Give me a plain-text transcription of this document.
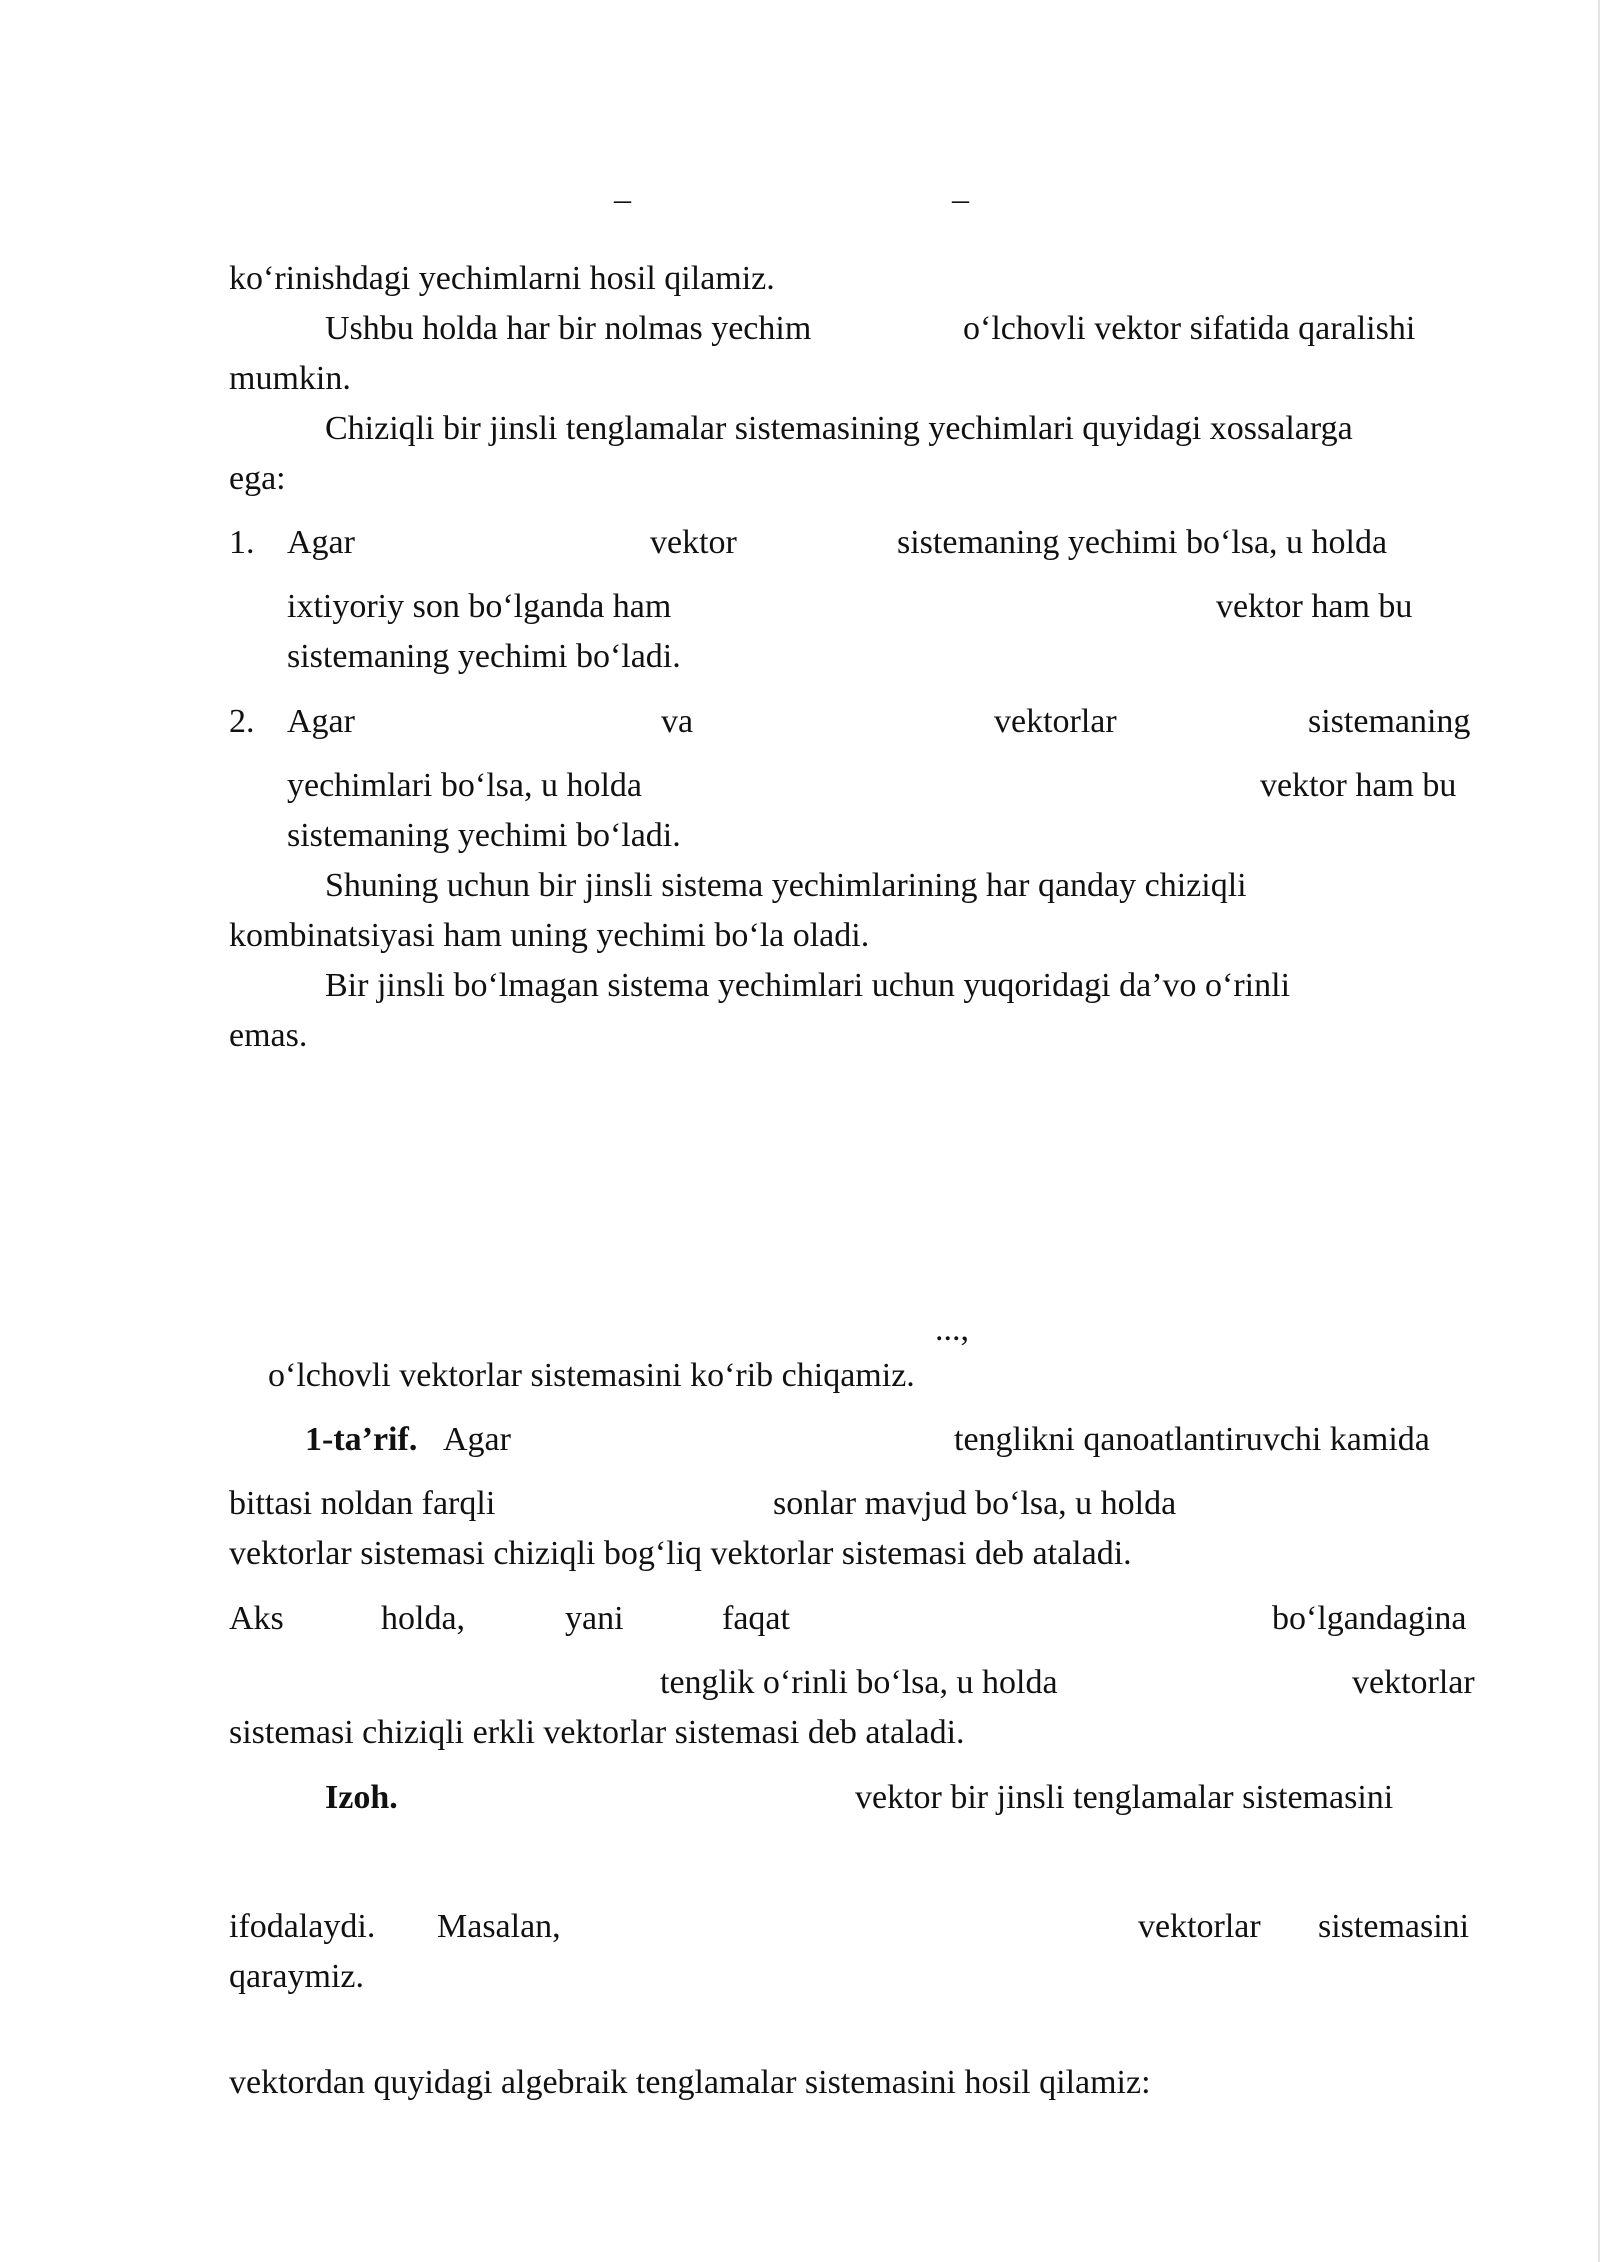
–	–
koʻrinishdagi yechimlarni hosil qilamiz.
Ushbu holda har bir nolmas yechim	oʻlchovli vektor sifatida qaralishi
mumkin.
Chiziqli bir jinsli tenglamalar sistemasining yechimlari quyidagi xossalarga
ega:
1. Agar	vektor	sistemaning yechimi boʻlsa, u holda
ixtiyoriy son boʻlganda ham	vektor ham bu
sistemaning yechimi boʻladi.
2. Agar	va	vektorlar	sistemaning
yechimlari boʻlsa, u holda	vektor ham bu
sistemaning yechimi boʻladi.
Shuning uchun bir jinsli sistema yechimlarining har qanday chiziqli
kombinatsiyasi ham uning yechimi boʻla oladi.
Bir jinsli boʻlmagan sistema yechimlari uchun yuqoridagi da’vo oʻrinli
emas.
...,
oʻlchovli vektorlar sistemasini koʻrib chiqamiz.
1-ta’rif. Agar	tenglikni qanoatlantiruvchi kamida
bittasi noldan farqli	sonlar mavjud boʻlsa, u holda
vektorlar sistemasi chiziqli bogʻliq vektorlar sistemasi deb ataladi.
Aks	holda,	yani	faqat	boʻlgandagina
tenglik oʻrinli boʻlsa, u holda	vektorlar
sistemasi chiziqli erkli vektorlar sistemasi deb ataladi.
Izoh.	vektor bir jinsli tenglamalar sistemasini
ifodalaydi. Masalan,	vektorlar sistemasini
qaraymiz.
vektordan quyidagi algebraik tenglamalar sistemasini hosil qilamiz:
